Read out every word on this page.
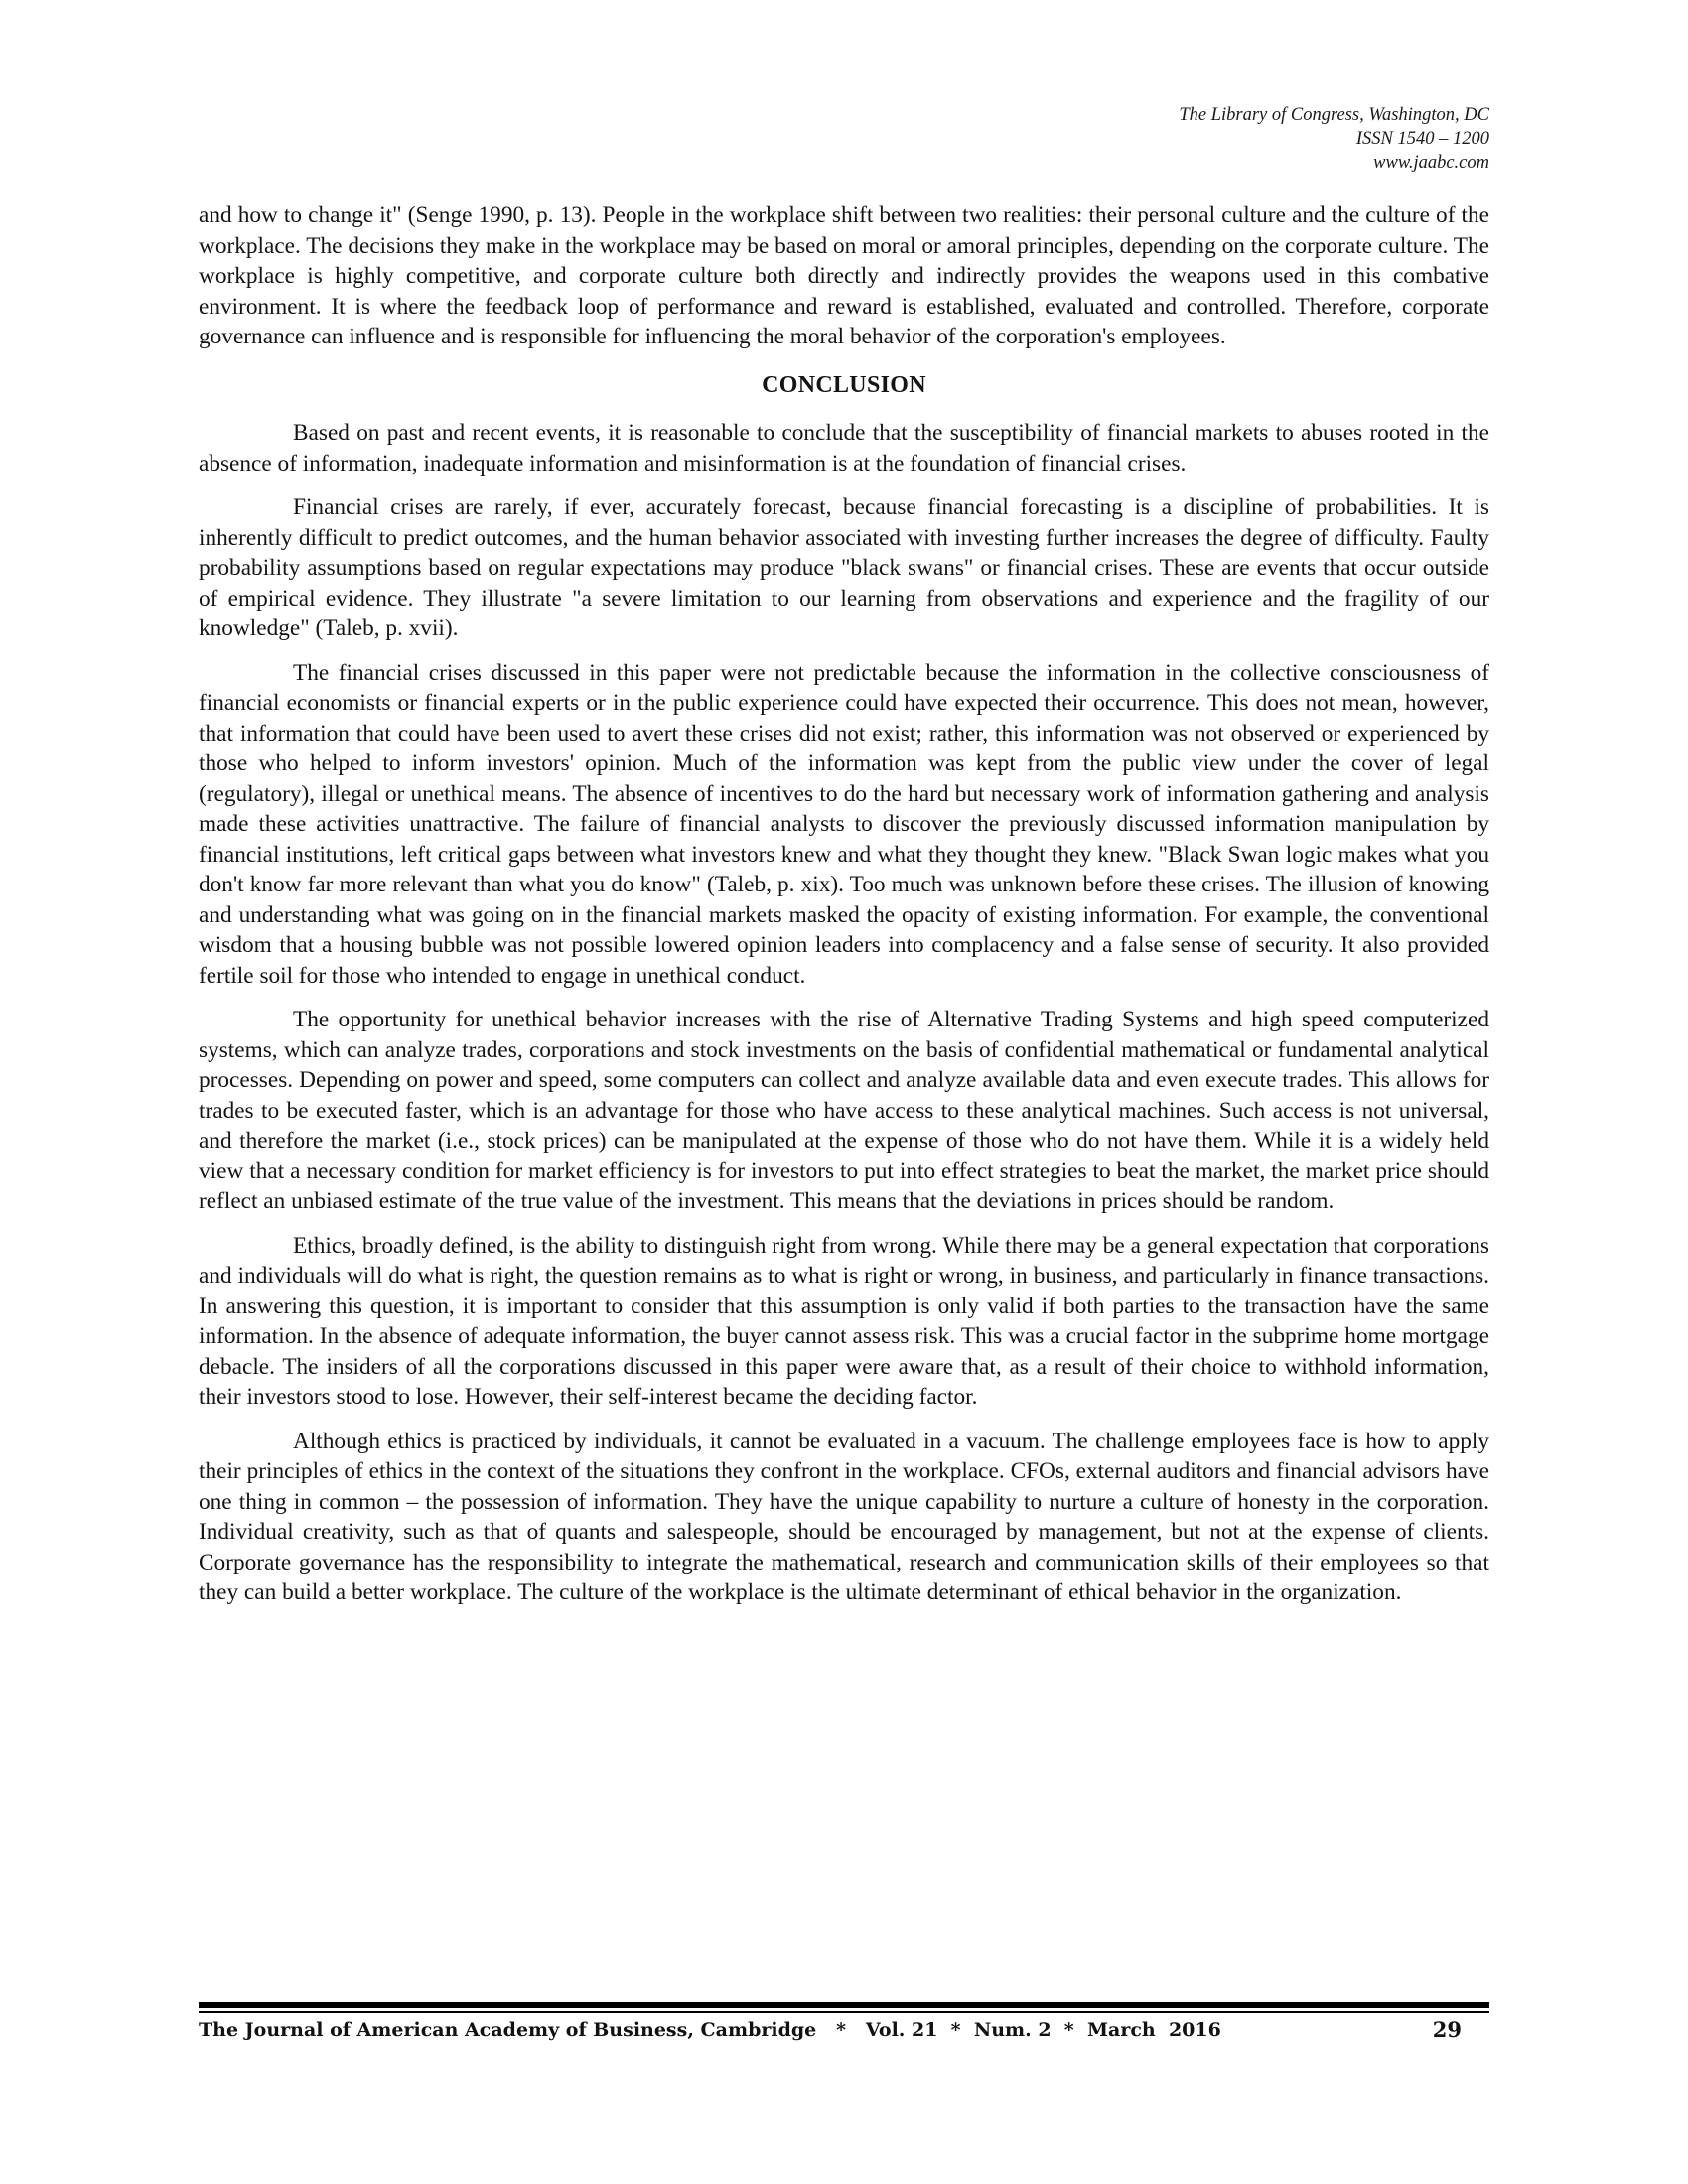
The Library of Congress, Washington, DC
ISSN 1540 – 1200
www.jaabc.com

and how to change it" (Senge 1990, p. 13). People in the workplace shift between two realities: their personal culture and the culture of the workplace. The decisions they make in the workplace may be based on moral or amoral principles, depending on the corporate culture. The workplace is highly competitive, and corporate culture both directly and indirectly provides the weapons used in this combative environment. It is where the feedback loop of performance and reward is established, evaluated and controlled. Therefore, corporate governance can influence and is responsible for influencing the moral behavior of the corporation's employees.

CONCLUSION

Based on past and recent events, it is reasonable to conclude that the susceptibility of financial markets to abuses rooted in the absence of information, inadequate information and misinformation is at the foundation of financial crises.

Financial crises are rarely, if ever, accurately forecast, because financial forecasting is a discipline of probabilities. It is inherently difficult to predict outcomes, and the human behavior associated with investing further increases the degree of difficulty. Faulty probability assumptions based on regular expectations may produce "black swans" or financial crises. These are events that occur outside of empirical evidence. They illustrate "a severe limitation to our learning from observations and experience and the fragility of our knowledge" (Taleb, p. xvii).

The financial crises discussed in this paper were not predictable because the information in the collective consciousness of financial economists or financial experts or in the public experience could have expected their occurrence. This does not mean, however, that information that could have been used to avert these crises did not exist; rather, this information was not observed or experienced by those who helped to inform investors' opinion. Much of the information was kept from the public view under the cover of legal (regulatory), illegal or unethical means. The absence of incentives to do the hard but necessary work of information gathering and analysis made these activities unattractive. The failure of financial analysts to discover the previously discussed information manipulation by financial institutions, left critical gaps between what investors knew and what they thought they knew. "Black Swan logic makes what you don't know far more relevant than what you do know" (Taleb, p. xix). Too much was unknown before these crises. The illusion of knowing and understanding what was going on in the financial markets masked the opacity of existing information. For example, the conventional wisdom that a housing bubble was not possible lowered opinion leaders into complacency and a false sense of security. It also provided fertile soil for those who intended to engage in unethical conduct.

The opportunity for unethical behavior increases with the rise of Alternative Trading Systems and high speed computerized systems, which can analyze trades, corporations and stock investments on the basis of confidential mathematical or fundamental analytical processes. Depending on power and speed, some computers can collect and analyze available data and even execute trades. This allows for trades to be executed faster, which is an advantage for those who have access to these analytical machines. Such access is not universal, and therefore the market (i.e., stock prices) can be manipulated at the expense of those who do not have them. While it is a widely held view that a necessary condition for market efficiency is for investors to put into effect strategies to beat the market, the market price should reflect an unbiased estimate of the true value of the investment. This means that the deviations in prices should be random.

Ethics, broadly defined, is the ability to distinguish right from wrong. While there may be a general expectation that corporations and individuals will do what is right, the question remains as to what is right or wrong, in business, and particularly in finance transactions. In answering this question, it is important to consider that this assumption is only valid if both parties to the transaction have the same information. In the absence of adequate information, the buyer cannot assess risk. This was a crucial factor in the subprime home mortgage debacle. The insiders of all the corporations discussed in this paper were aware that, as a result of their choice to withhold information, their investors stood to lose. However, their self-interest became the deciding factor.

Although ethics is practiced by individuals, it cannot be evaluated in a vacuum. The challenge employees face is how to apply their principles of ethics in the context of the situations they confront in the workplace. CFOs, external auditors and financial advisors have one thing in common – the possession of information. They have the unique capability to nurture a culture of honesty in the corporation. Individual creativity, such as that of quants and salespeople, should be encouraged by management, but not at the expense of clients. Corporate governance has the responsibility to integrate the mathematical, research and communication skills of their employees so that they can build a better workplace. The culture of the workplace is the ultimate determinant of ethical behavior in the organization.

The Journal of American Academy of Business, Cambridge   *   Vol. 21  *  Num. 2  *  March  2016	29
